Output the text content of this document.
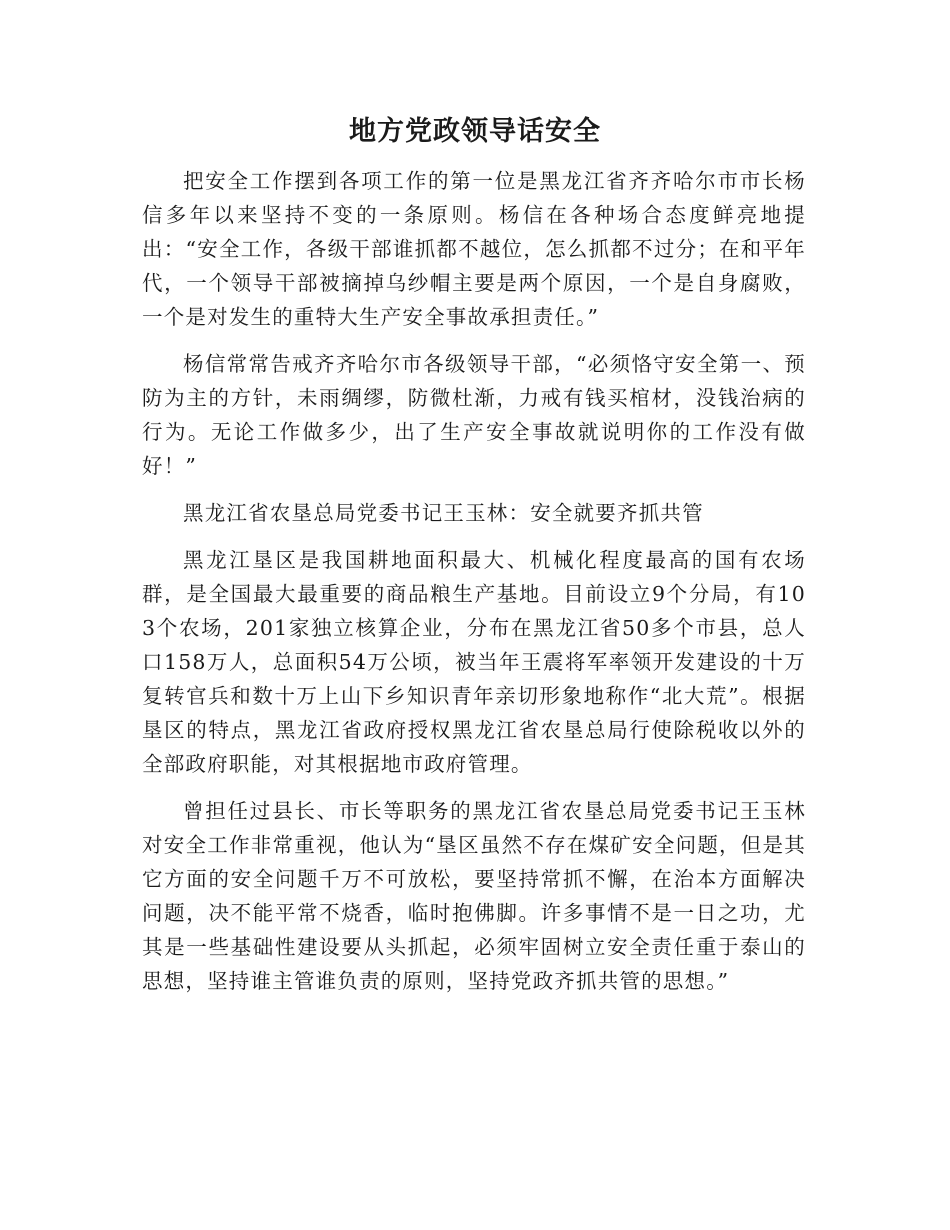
地方党政领导话安全

把安全工作摆到各项工作的第一位是黑龙江省齐齐哈尔市市长杨信多年以来坚持不变的一条原则。杨信在各种场合态度鲜亮地提出：“安全工作，各级干部谁抓都不越位，怎么抓都不过分；在和平年代，一个领导干部被摘掉乌纱帽主要是两个原因，一个是自身腐败，一个是对发生的重特大生产安全事故承担责任。”

杨信常常告戒齐齐哈尔市各级领导干部，“必须恪守安全第一、预防为主的方针，未雨绸缪，防微杜渐，力戒有钱买棺材，没钱治病的行为。无论工作做多少，出了生产安全事故就说明你的工作没有做好！”

黑龙江省农垦总局党委书记王玉林：安全就要齐抓共管

黑龙江垦区是我国耕地面积最大、机械化程度最高的国有农场群，是全国最大最重要的商品粮生产基地。目前设立9个分局，有103个农场，201家独立核算企业，分布在黑龙江省50多个市县，总人口158万人，总面积54万公顷，被当年王震将军率领开发建设的十万复转官兵和数十万上山下乡知识青年亲切形象地称作“北大荒”。根据垦区的特点，黑龙江省政府授权黑龙江省农垦总局行使除税收以外的全部政府职能，对其根据地市政府管理。

曾担任过县长、市长等职务的黑龙江省农垦总局党委书记王玉林对安全工作非常重视，他认为“垦区虽然不存在煤矿安全问题，但是其它方面的安全问题千万不可放松，要坚持常抓不懈，在治本方面解决问题，决不能平常不烧香，临时抱佛脚。许多事情不是一日之功，尤其是一些基础性建设要从头抓起，必须牢固树立安全责任重于泰山的思想，坚持谁主管谁负责的原则，坚持党政齐抓共管的思想。”
